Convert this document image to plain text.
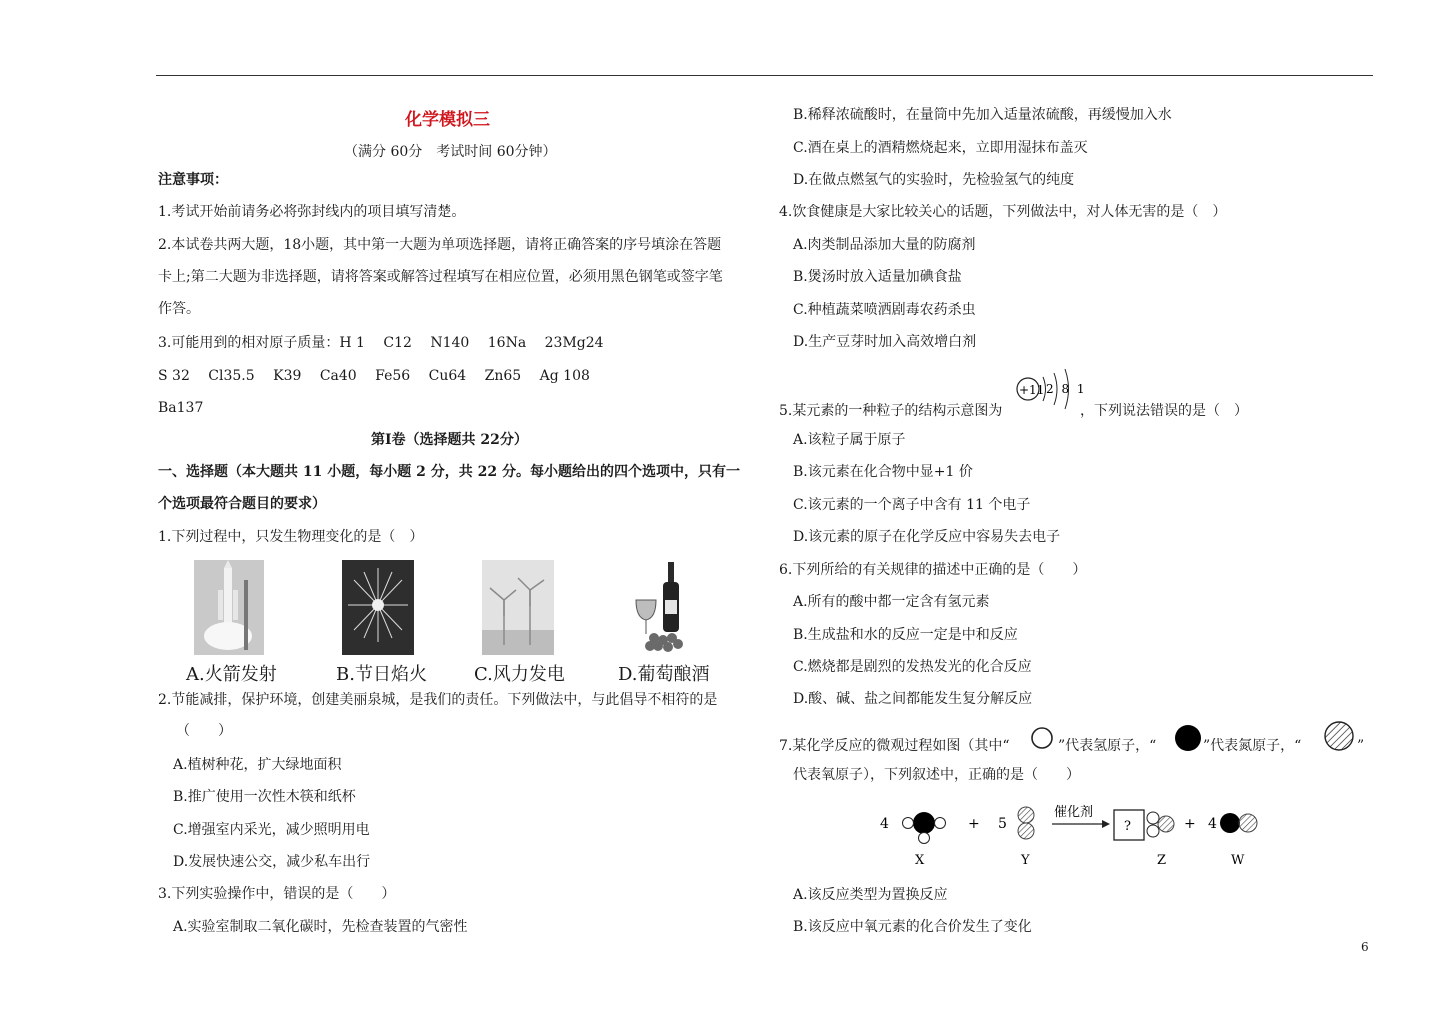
化学模拟三
（满分 60分　考试时间 60分钟）
注意事项：
1.考试开始前请务必将弥封线内的项目填写清楚。
2.本试卷共两大题，18小题，其中第一大题为单项选择题，请将正确答案的序号填涂在答题
卡上;第二大题为非选择题，请将答案或解答过程填写在相应位置，必须用黑色钢笔或签字笔
作答。
3.可能用到的相对原子质量：H 1　 C12　 N140　 16Na　 23Mg24
S 32　 Cl35.5　 K39　 Ca40　 Fe56　 Cu64　 Zn65　 Ag 108
Ba137
第Ⅰ卷（选择题共 22分）
一、选择题（本大题共 11 小题，每小题 2 分，共 22 分。每小题给出的四个选项中，只有一
个选项最符合题目的要求）
1.下列过程中，只发生物理变化的是（　）
A.火箭发射	B.节日焰火	C.风力发电	D.葡萄酿酒
2.节能减排，保护环境，创建美丽泉城，是我们的责任。下列做法中，与此倡导不相符的是
（　　）
A.植树种花，扩大绿地面积
B.推广使用一次性木筷和纸杯
C.增强室内采光，减少照明用电
D.发展快速公交，减少私车出行
3.下列实验操作中，错误的是（　　）
A.实验室制取二氧化碳时，先检查装置的气密性
B.稀释浓硫酸时，在量筒中先加入适量浓硫酸，再缓慢加入水
C.酒在桌上的酒精燃烧起来，立即用湿抹布盖灭
D.在做点燃氢气的实验时，先检验氢气的纯度
4.饮食健康是大家比较关心的话题，下列做法中，对人体无害的是（　）
A.肉类制品添加大量的防腐剂
B.煲汤时放入适量加碘食盐
C.种植蔬菜喷洒剧毒农药杀虫
D.生产豆芽时加入高效增白剂
5.某元素的一种粒子的结构示意图为
+11 2 8 1
，下列说法错误的是（　）
A.该粒子属于原子
B.该元素在化合物中显+1 价
C.该元素的一个离子中含有 11 个电子
D.该元素的原子在化学反应中容易失去电子
6.下列所给的有关规律的描述中正确的是（　　）
A.所有的酸中都一定含有氢元素
B.生成盐和水的反应一定是中和反应
C.燃烧都是剧烈的发热发光的化合反应
D.酸、碱、盐之间都能发生复分解反应
7.某化学反应的微观过程如图（其中“	”代表氢原子，“	”代表氮原子，“	”
代表氧原子），下列叙述中，正确的是（　　）
4	+ 5
催化剂
?	+ 4
X	Y	Z	W
A.该反应类型为置换反应
B.该反应中氧元素的化合价发生了变化
6
